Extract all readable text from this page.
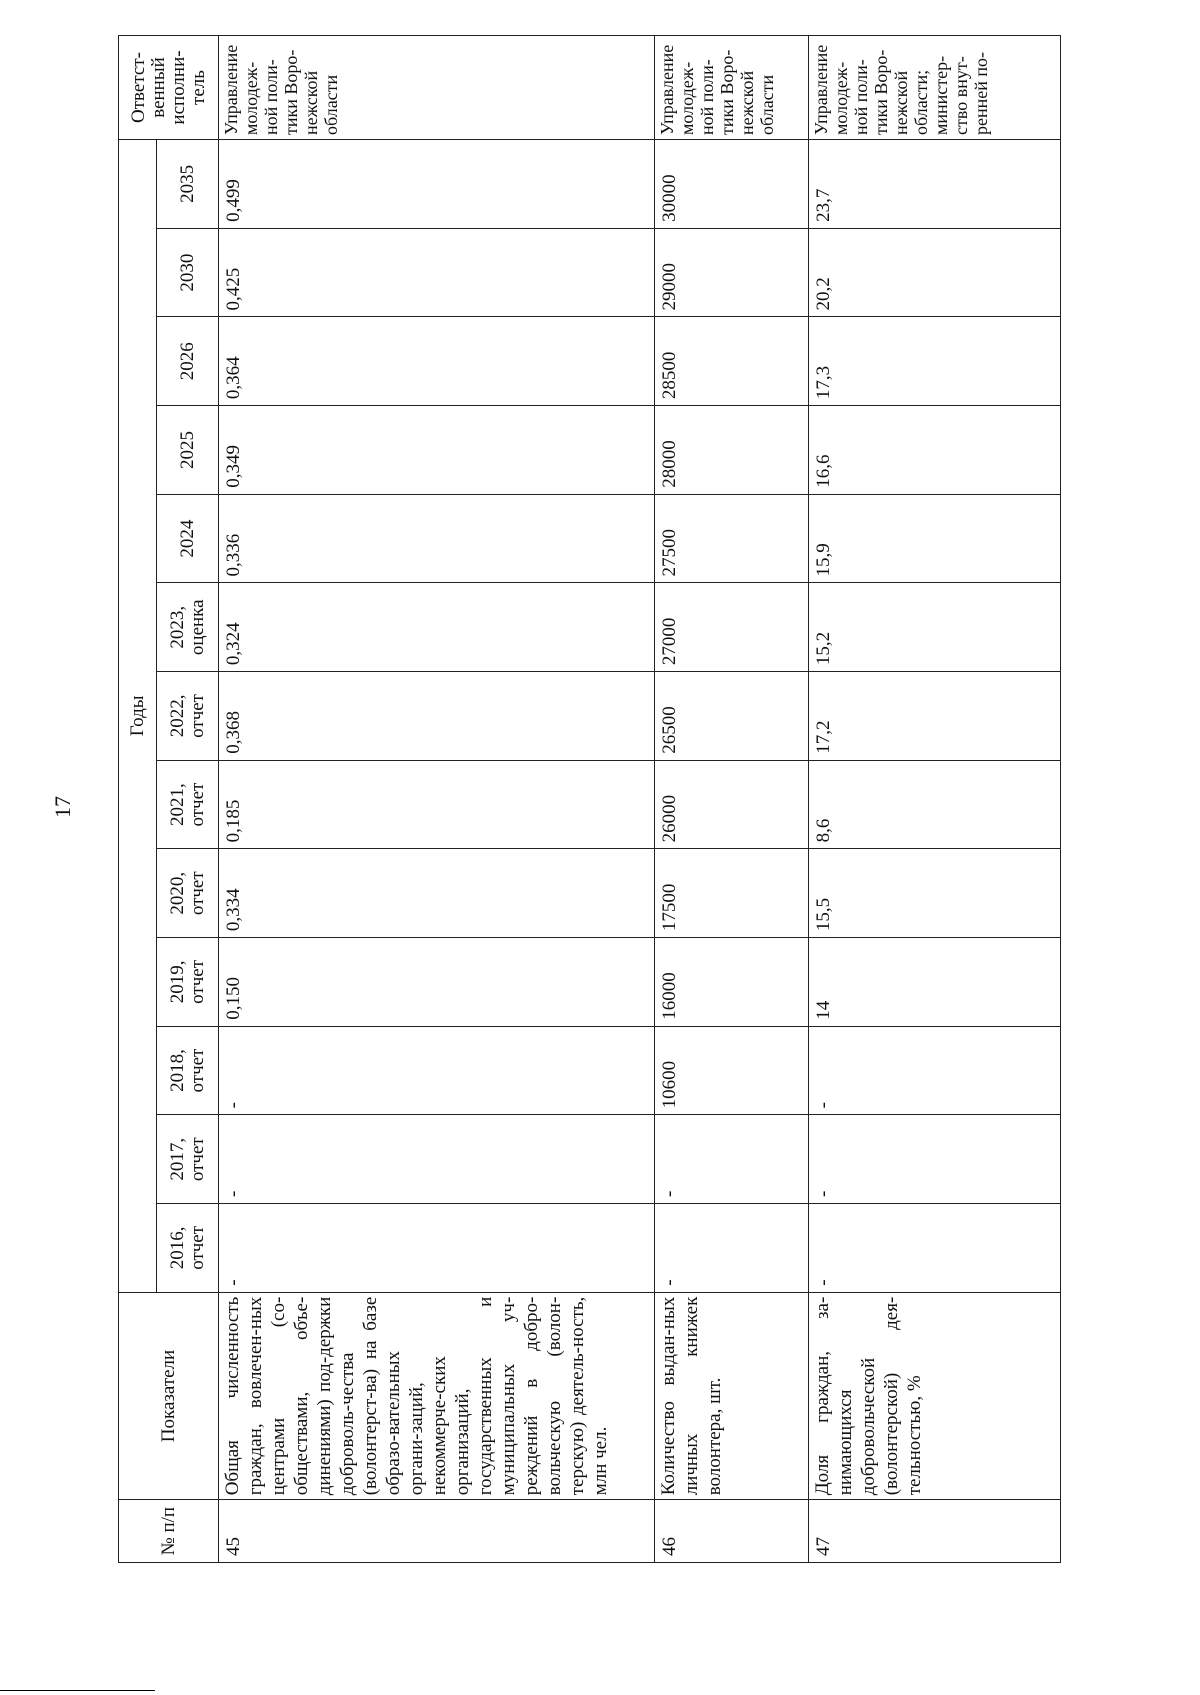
17
№ п/п	Показатели	Годы													Ответст-венный исполни-тель
		2016, отчет	2017, отчет	2018, отчет	2019, отчет	2020, отчет	2021, отчет	2022, отчет	2023, оценка	2024	2025	2026	2030	2035	
45	Общая численность граждан, вовлечен-ных центрами (со-обществами, объе-динениями) под-держки доброволь-чества (волонтерст-ва) на базе образо-вательных органи-заций, некоммерче-ских организаций, государственных и муниципальных уч-реждений в добро-вольческую (волон-терскую) деятель-ность, млн чел.	-	-	-	0,150	0,334	0,185	0,368	0,324	0,336	0,349	0,364	0,425	0,499	Управление молодеж-ной поли-тики Воро-нежской области
46	Количество выдан-ных личных книжек волонтера, шт.	-	-	10600	16000	17500	26000	26500	27000	27500	28000	28500	29000	30000	Управление молодеж-ной поли-тики Воро-нежской области
47	Доля граждан, за-нимающихся добровольческой (волонтерской) дея-тельностью, %	-	-	-	14	15,5	8,6	17,2	15,2	15,9	16,6	17,3	20,2	23,7	Управление молодеж-ной поли-тики Воро-нежской области; министер-ство внут-ренней по-
